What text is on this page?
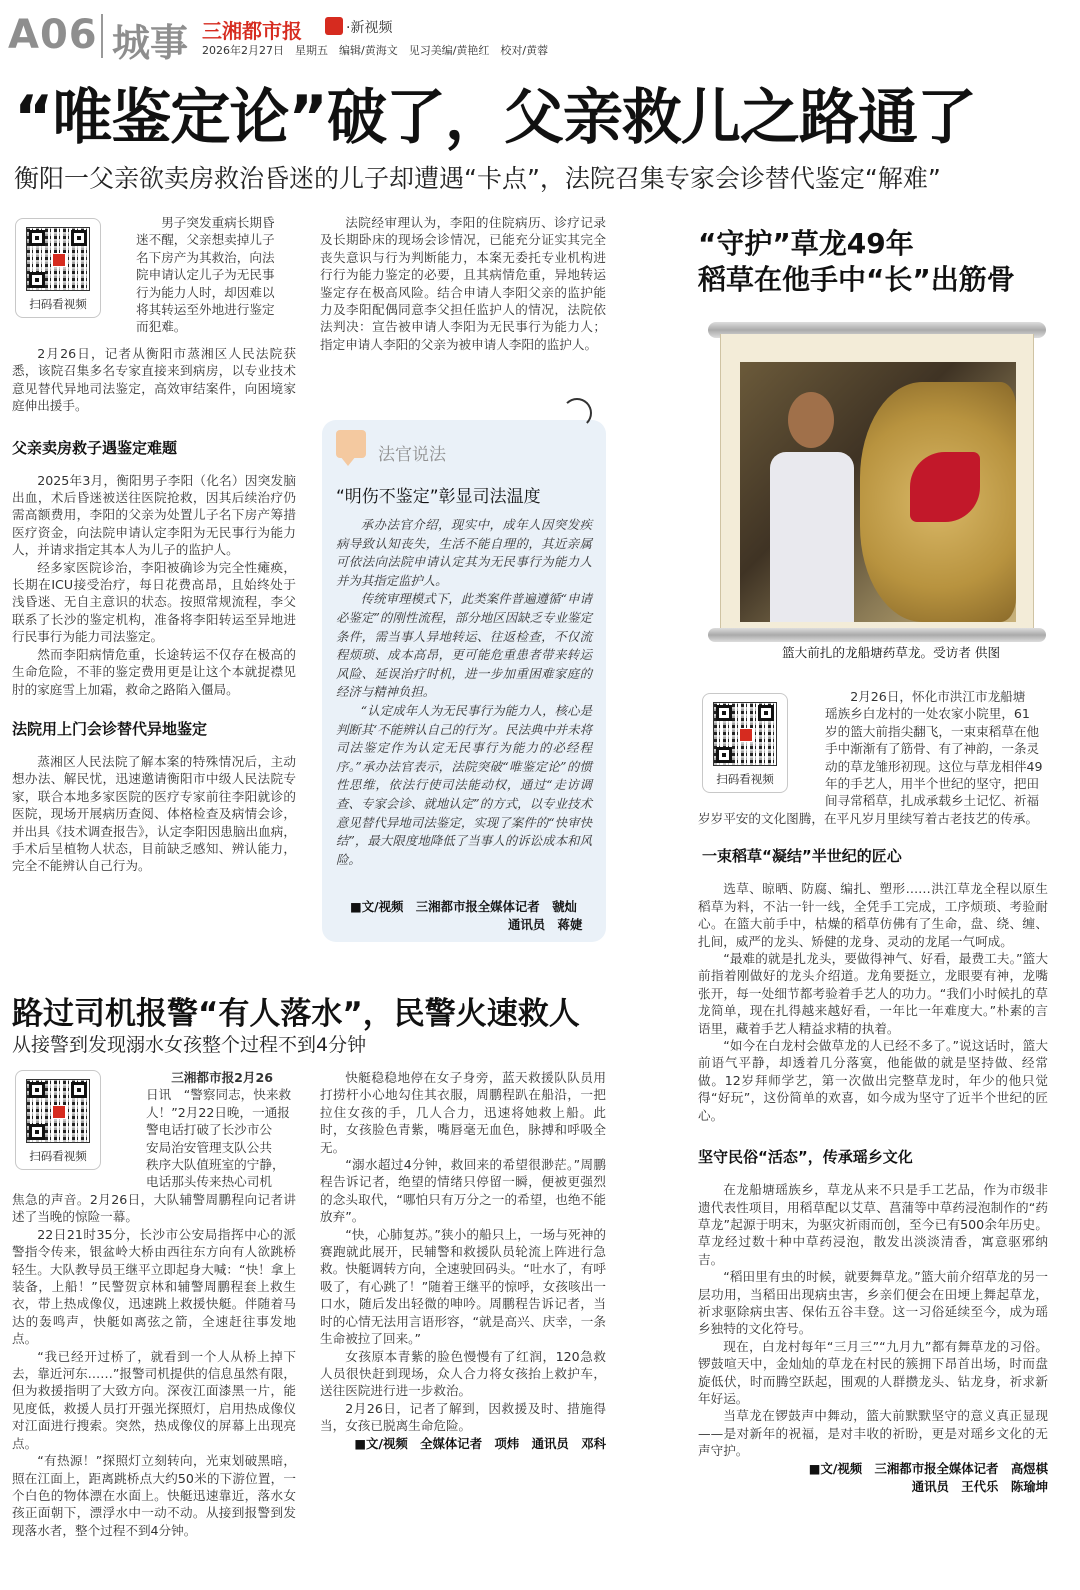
A06 城事 三湘都市报	·新视频
2026年2月27日　星期五　编辑/黄海文　见习美编/黄艳红　校对/黄蓉
“唯鉴定论”破了，父亲救儿之路通了
衡阳一父亲欲卖房救治昏迷的儿子却遭遇“卡点”，法院召集专家会诊替代鉴定“解难”
扫码看视频

男子突发重病长期昏

迷不醒，父亲想卖掉儿子

名下房产为其救治，向法

院申请认定儿子为无民事

行为能力人时，却因难以

将其转运至外地进行鉴定

而犯难。

2月26日，记者从衡阳市蒸湘区人民法院获悉，该院召集多名专家直接来到病房，以专业技术意见替代异地司法鉴定，高效审结案件，向困境家庭伸出援手。

父亲卖房救子遇鉴定难题

2025年3月，衡阳男子李阳（化名）因突发脑出血，术后昏迷被送往医院抢救，因其后续治疗仍需高额费用，李阳的父亲为处置儿子名下房产筹措医疗资金，向法院申请认定李阳为无民事行为能力人，并请求指定其本人为儿子的监护人。

经多家医院诊治，李阳被确诊为完全性瘫痪，长期在ICU接受治疗，每日花费高昂，且始终处于浅昏迷、无自主意识的状态。按照常规流程，李父联系了长沙的鉴定机构，准备将李阳转运至异地进行民事行为能力司法鉴定。

然而李阳病情危重，长途转运不仅存在极高的生命危险，不菲的鉴定费用更是让这个本就捉襟见肘的家庭雪上加霜，救命之路陷入僵局。

法院用上门会诊替代异地鉴定

蒸湘区人民法院了解本案的特殊情况后，主动想办法、解民忧，迅速邀请衡阳市中级人民法院专家，联合本地多家医院的医疗专家前往李阳就诊的医院，现场开展病历查阅、体格检查及病情会诊，并出具《技术调查报告》，认定李阳因患脑出血病，手术后呈植物人状态，目前缺乏感知、辨认能力，完全不能辨认自己行为。

法院经审理认为，李阳的住院病历、诊疗记录及长期卧床的现场会诊情况，已能充分证实其完全丧失意识与行为判断能力，本案无委托专业机构进行行为能力鉴定的必要，且其病情危重，异地转运鉴定存在极高风险。结合申请人李阳父亲的监护能力及李阳配偶同意李父担任监护人的情况，法院依法判决：宣告被申请人李阳为无民事行为能力人；指定申请人李阳的父亲为被申请人李阳的监护人。

法官说法
“明伤不鉴定”彰显司法温度

承办法官介绍，现实中，成年人因突发疾病导致认知丧失，生活不能自理的，其近亲属可依法向法院申请认定其为无民事行为能力人并为其指定监护人。

传统审理模式下，此类案件普遍遵循“申请必鉴定”的刚性流程，部分地区因缺乏专业鉴定条件，需当事人异地转运、往返检查，不仅流程烦琐、成本高昂，更可能危重患者带来转运风险、延误治疗时机，进一步加重困难家庭的经济与精神负担。

“认定成年人为无民事行为能力人，核心是判断其‘不能辨认自己的行为’。民法典中并未将司法鉴定作为认定无民事行为能力的必经程序。”承办法官表示，法院突破“唯鉴定论”的惯性思维，依法行使司法能动权，通过“走访调查、专家会诊、就地认定”的方式，以专业技术意见替代异地司法鉴定，实现了案件的“快审快结”，最大限度地降低了当事人的诉讼成本和风险。

■文/视频　三湘都市报全媒体记者　虢灿
通讯员　蒋婕
“守护”草龙49年
稻草在他手中“长”出筋骨
篮大前扎的龙船塘药草龙。受访者 供图
扫码看视频

2月26日，怀化市洪江市龙船塘

瑶族乡白龙村的一处农家小院里，61

岁的篮大前指尖翻飞，一束束稻草在他

手中渐渐有了筋骨、有了神韵，一条灵

动的草龙雏形初现。这位与草龙相伴49

年的手艺人，用半个世纪的坚守，把田

间寻常稻草，扎成承载乡土记忆、祈福

岁岁平安的文化图腾，在平凡岁月里续写着古老技艺的传承。

一束稻草“凝结”半世纪的匠心

选草、晾晒、防腐、编扎、塑形……洪江草龙全程以原生稻草为料，不沾一针一线，全凭手工完成，工序烦琐、考验耐心。在篮大前手中，枯燥的稻草仿佛有了生命，盘、绕、缠、扎间，威严的龙头、矫健的龙身、灵动的龙尾一气呵成。

“最难的就是扎龙头，要做得神气、好看，最费工夫。”篮大前指着刚做好的龙头介绍道。龙角要挺立，龙眼要有神，龙嘴张开，每一处细节都考验着手艺人的功力。“我们小时候扎的草龙简单，现在扎得越来越好看，一年比一年难度大。”朴素的言语里，藏着手艺人精益求精的执着。

“如今在白龙村会做草龙的人已经不多了。”说这话时，篮大前语气平静，却透着几分落寞，他能做的就是坚持做、经常做。12岁拜师学艺，第一次做出完整草龙时，年少的他只觉得“好玩”，这份简单的欢喜，如今成为坚守了近半个世纪的匠心。

坚守民俗“活态”，传承瑶乡文化

在龙船塘瑶族乡，草龙从来不只是手工艺品，作为市级非遗代表性项目，用稻草配以艾草、菖蒲等中草药浸泡制作的“药草龙”起源于明末，为驱灾祈雨而创，至今已有500余年历史。草龙经过数十种中草药浸泡，散发出淡淡清香，寓意驱邪纳吉。

“稻田里有虫的时候，就要舞草龙。”篮大前介绍草龙的另一层功用，当稻田出现病虫害，乡亲们便会在田埂上舞起草龙，祈求驱除病虫害、保佑五谷丰登。这一习俗延续至今，成为瑶乡独特的文化符号。

现在，白龙村每年“三月三”“九月九”都有舞草龙的习俗。锣鼓喧天中，金灿灿的草龙在村民的簇拥下昂首出场，时而盘旋低伏，时而腾空跃起，围观的人群攒龙头、钻龙身，祈求新年好运。

当草龙在锣鼓声中舞动，篮大前默默坚守的意义真正显现——是对新年的祝福，是对丰收的祈盼，更是对瑶乡文化的无声守护。

■文/视频　三湘都市报全媒体记者　高煜棋
通讯员　王代乐　陈瑜坤
路过司机报警“有人落水”，民警火速救人
从接警到发现溺水女孩整个过程不到4分钟
扫码看视频

三湘都市报2月26

日讯　“警察同志，快来救

人！”2月22日晚，一通报

警电话打破了长沙市公

安局治安管理支队公共

秩序大队值班室的宁静，

电话那头传来热心司机

焦急的声音。2月26日，大队辅警周鹏程向记者讲述了当晚的惊险一幕。

22日21时35分，长沙市公安局指挥中心的派警指令传来，银盆岭大桥由西往东方向有人欲跳桥轻生。大队教导员王继平立即起身大喊：“快！拿上装备，上船！”民警贺京林和辅警周鹏程套上救生衣，带上热成像仪，迅速跳上救援快艇。伴随着马达的轰鸣声，快艇如离弦之箭，全速赶往事发地点。

“我已经开过桥了，就看到一个人从桥上掉下去，靠近河东……”报警司机提供的信息虽然有限，但为救援指明了大致方向。深夜江面漆黑一片，能见度低，救援人员打开强光探照灯，启用热成像仪对江面进行搜索。突然，热成像仪的屏幕上出现亮点。

“有热源！”探照灯立刻转向，光束划破黑暗，照在江面上，距离跳桥点大约50米的下游位置，一个白色的物体漂在水面上。快艇迅速靠近，落水女孩正面朝下，漂浮水中一动不动。从接到报警到发现落水者，整个过程不到4分钟。

快艇稳稳地停在女子身旁，蓝天救援队队员用打捞杆小心地勾住其衣服，周鹏程趴在船沿，一把拉住女孩的手，几人合力，迅速将她救上船。此时，女孩脸色青紫，嘴唇毫无血色，脉搏和呼吸全无。

“溺水超过4分钟，救回来的希望很渺茫。”周鹏程告诉记者，绝望的情绪只停留一瞬，便被更强烈的念头取代，“哪怕只有万分之一的希望，也绝不能放弃”。

“快，心肺复苏。”狭小的船只上，一场与死神的赛跑就此展开，民辅警和救援队员轮流上阵进行急救。快艇调转方向，全速驶回码头。“吐水了，有呼吸了，有心跳了！”随着王继平的惊呼，女孩咳出一口水，随后发出轻微的呻吟。周鹏程告诉记者，当时的心情无法用言语形容，“就是高兴、庆幸，一条生命被拉了回来。”

女孩原本青紫的脸色慢慢有了红润，120急救人员很快赶到现场，众人合力将女孩抬上救护车，送往医院进行进一步救治。

2月26日，记者了解到，因救援及时、措施得当，女孩已脱离生命危险。

■文/视频　全媒体记者　项炜　通讯员　邓科
